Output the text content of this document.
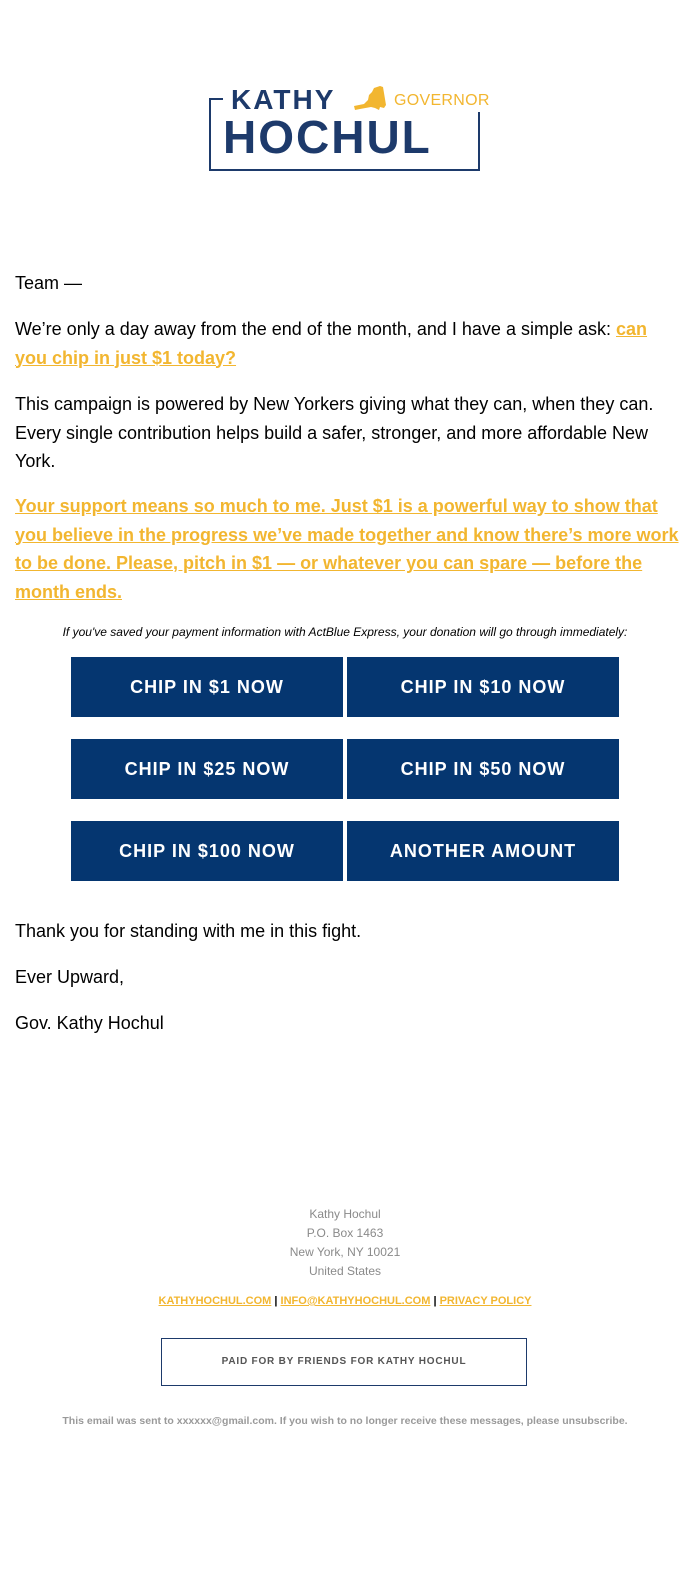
KATHY	GOVERNOR
HOCHUL

Team —

We’re only a day away from the end of the month, and I have a simple ask: can you chip in just $1 today?

This campaign is powered by New Yorkers giving what they can, when they can. Every single contribution helps build a safer, stronger, and more affordable New York.

Your support means so much to me. Just $1 is a powerful way to show that you believe in the progress we’ve made together and know there’s more work to be done. Please, pitch in $1 — or whatever you can spare — before the month ends.

If you've saved your payment information with ActBlue Express, your donation will go through immediately:
CHIP IN $1 NOW	CHIP IN $10 NOW
CHIP IN $25 NOW	CHIP IN $50 NOW
CHIP IN $100 NOW	ANOTHER AMOUNT

Thank you for standing with me in this fight.

Ever Upward,

Gov. Kathy Hochul

Kathy Hochul
P.O. Box 1463
New York, NY 10021
United States
KATHYHOCHUL.COM | INFO@KATHYHOCHUL.COM | PRIVACY POLICY
PAID FOR BY FRIENDS FOR KATHY HOCHUL
This email was sent to xxxxxx@gmail.com. If you wish to no longer receive these messages, please unsubscribe.
